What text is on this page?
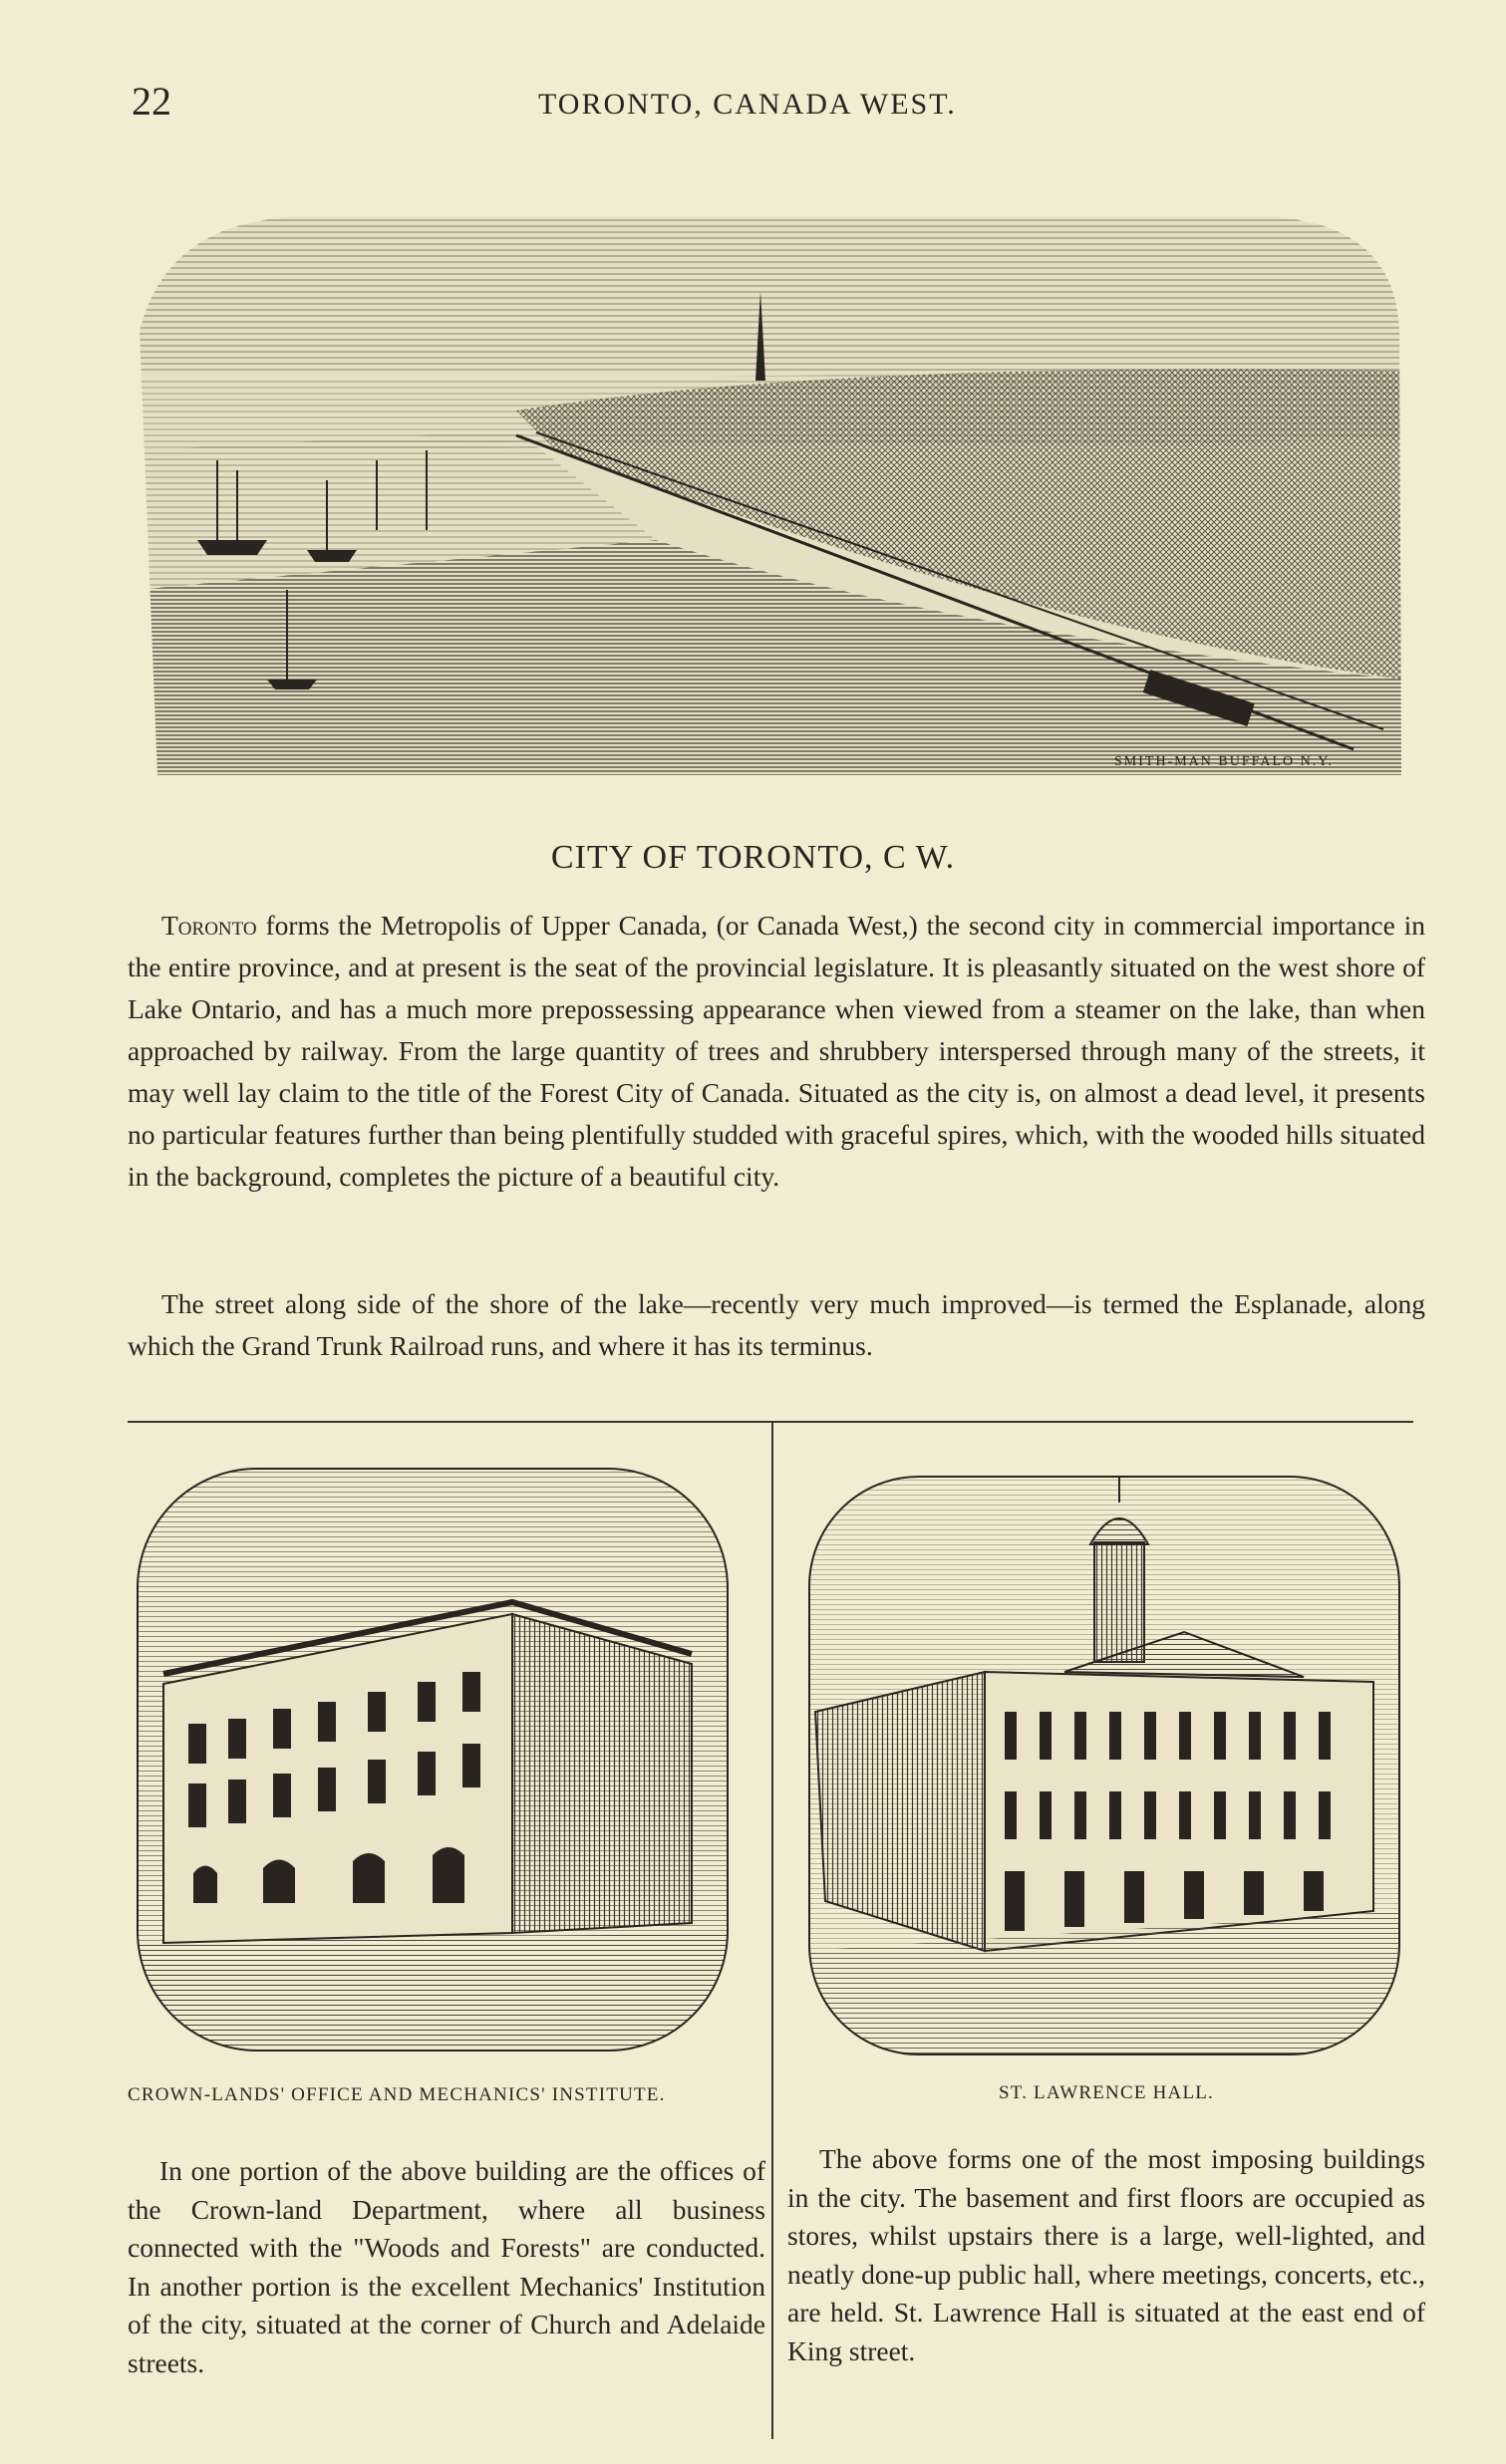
22	TORONTO, CANADA WEST.
SMITH-MAN BUFFALO N.Y.
CITY OF TORONTO, C W.

Toronto forms the Metropolis of Upper Canada, (or Canada West,) the second city in commercial importance in the entire province, and at present is the seat of the provincial legislature. It is pleasantly situated on the west shore of Lake Ontario, and has a much more prepossessing appearance when viewed from a steamer on the lake, than when approached by railway. From the large quantity of trees and shrubbery interspersed through many of the streets, it may well lay claim to the title of the Forest City of Canada. Situated as the city is, on almost a dead level, it presents no particular features further than being plentifully studded with graceful spires, which, with the wooded hills situated in the background, completes the picture of a beautiful city.

The street along side of the shore of the lake—recently very much improved—is termed the Esplanade, along which the Grand Trunk Railroad runs, and where it has its terminus.

CROWN-LANDS' OFFICE AND MECHANICS' INSTITUTE.	ST. LAWRENCE HALL.

In one portion of the above building are the offices of the Crown-land Department, where all business connected with the "Woods and Forests" are conducted. In another portion is the excellent Mechanics' Institution of the city, situated at the corner of Church and Adelaide streets.

The above forms one of the most imposing buildings in the city. The basement and first floors are occupied as stores, whilst upstairs there is a large, well-lighted, and neatly done-up public hall, where meetings, concerts, etc., are held. St. Lawrence Hall is situated at the east end of King street.
